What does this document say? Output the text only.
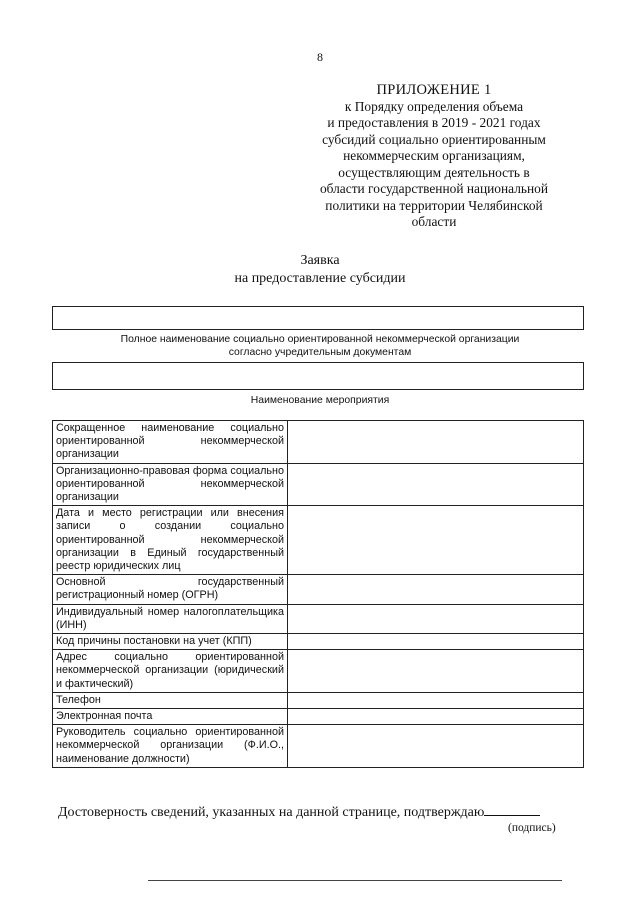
8
ПРИЛОЖЕНИЕ 1
к Порядку определения объема
и предоставления в 2019 - 2021 годах
субсидий социально ориентированным
некоммерческим организациям,
осуществляющим деятельность в
области государственной национальной
политики на территории Челябинской
области
Заявка
на предоставление субсидии
Полное наименование социально ориентированной некоммерческой организации
согласно учредительным документам
Наименование мероприятия
Сокращенное наименование социально ориентированной некоммерческой организации	
Организационно-правовая форма социально ориентированной некоммерческой организации	
Дата и место регистрации или внесения записи о создании социально ориентированной некоммерческой организации в Единый государственный реестр юридических лиц	
Основной государственный регистрационный номер (ОГРН)	
Индивидуальный номер налогоплательщика (ИНН)	
Код причины постановки на учет (КПП)	
Адрес социально ориентированной некоммерческой организации (юридический и фактический)	
Телефон	
Электронная почта	
Руководитель социально ориентированной некоммерческой организации (Ф.И.О., наименование должности)	
Достоверность сведений, указанных на данной странице, подтверждаю
(подпись)
